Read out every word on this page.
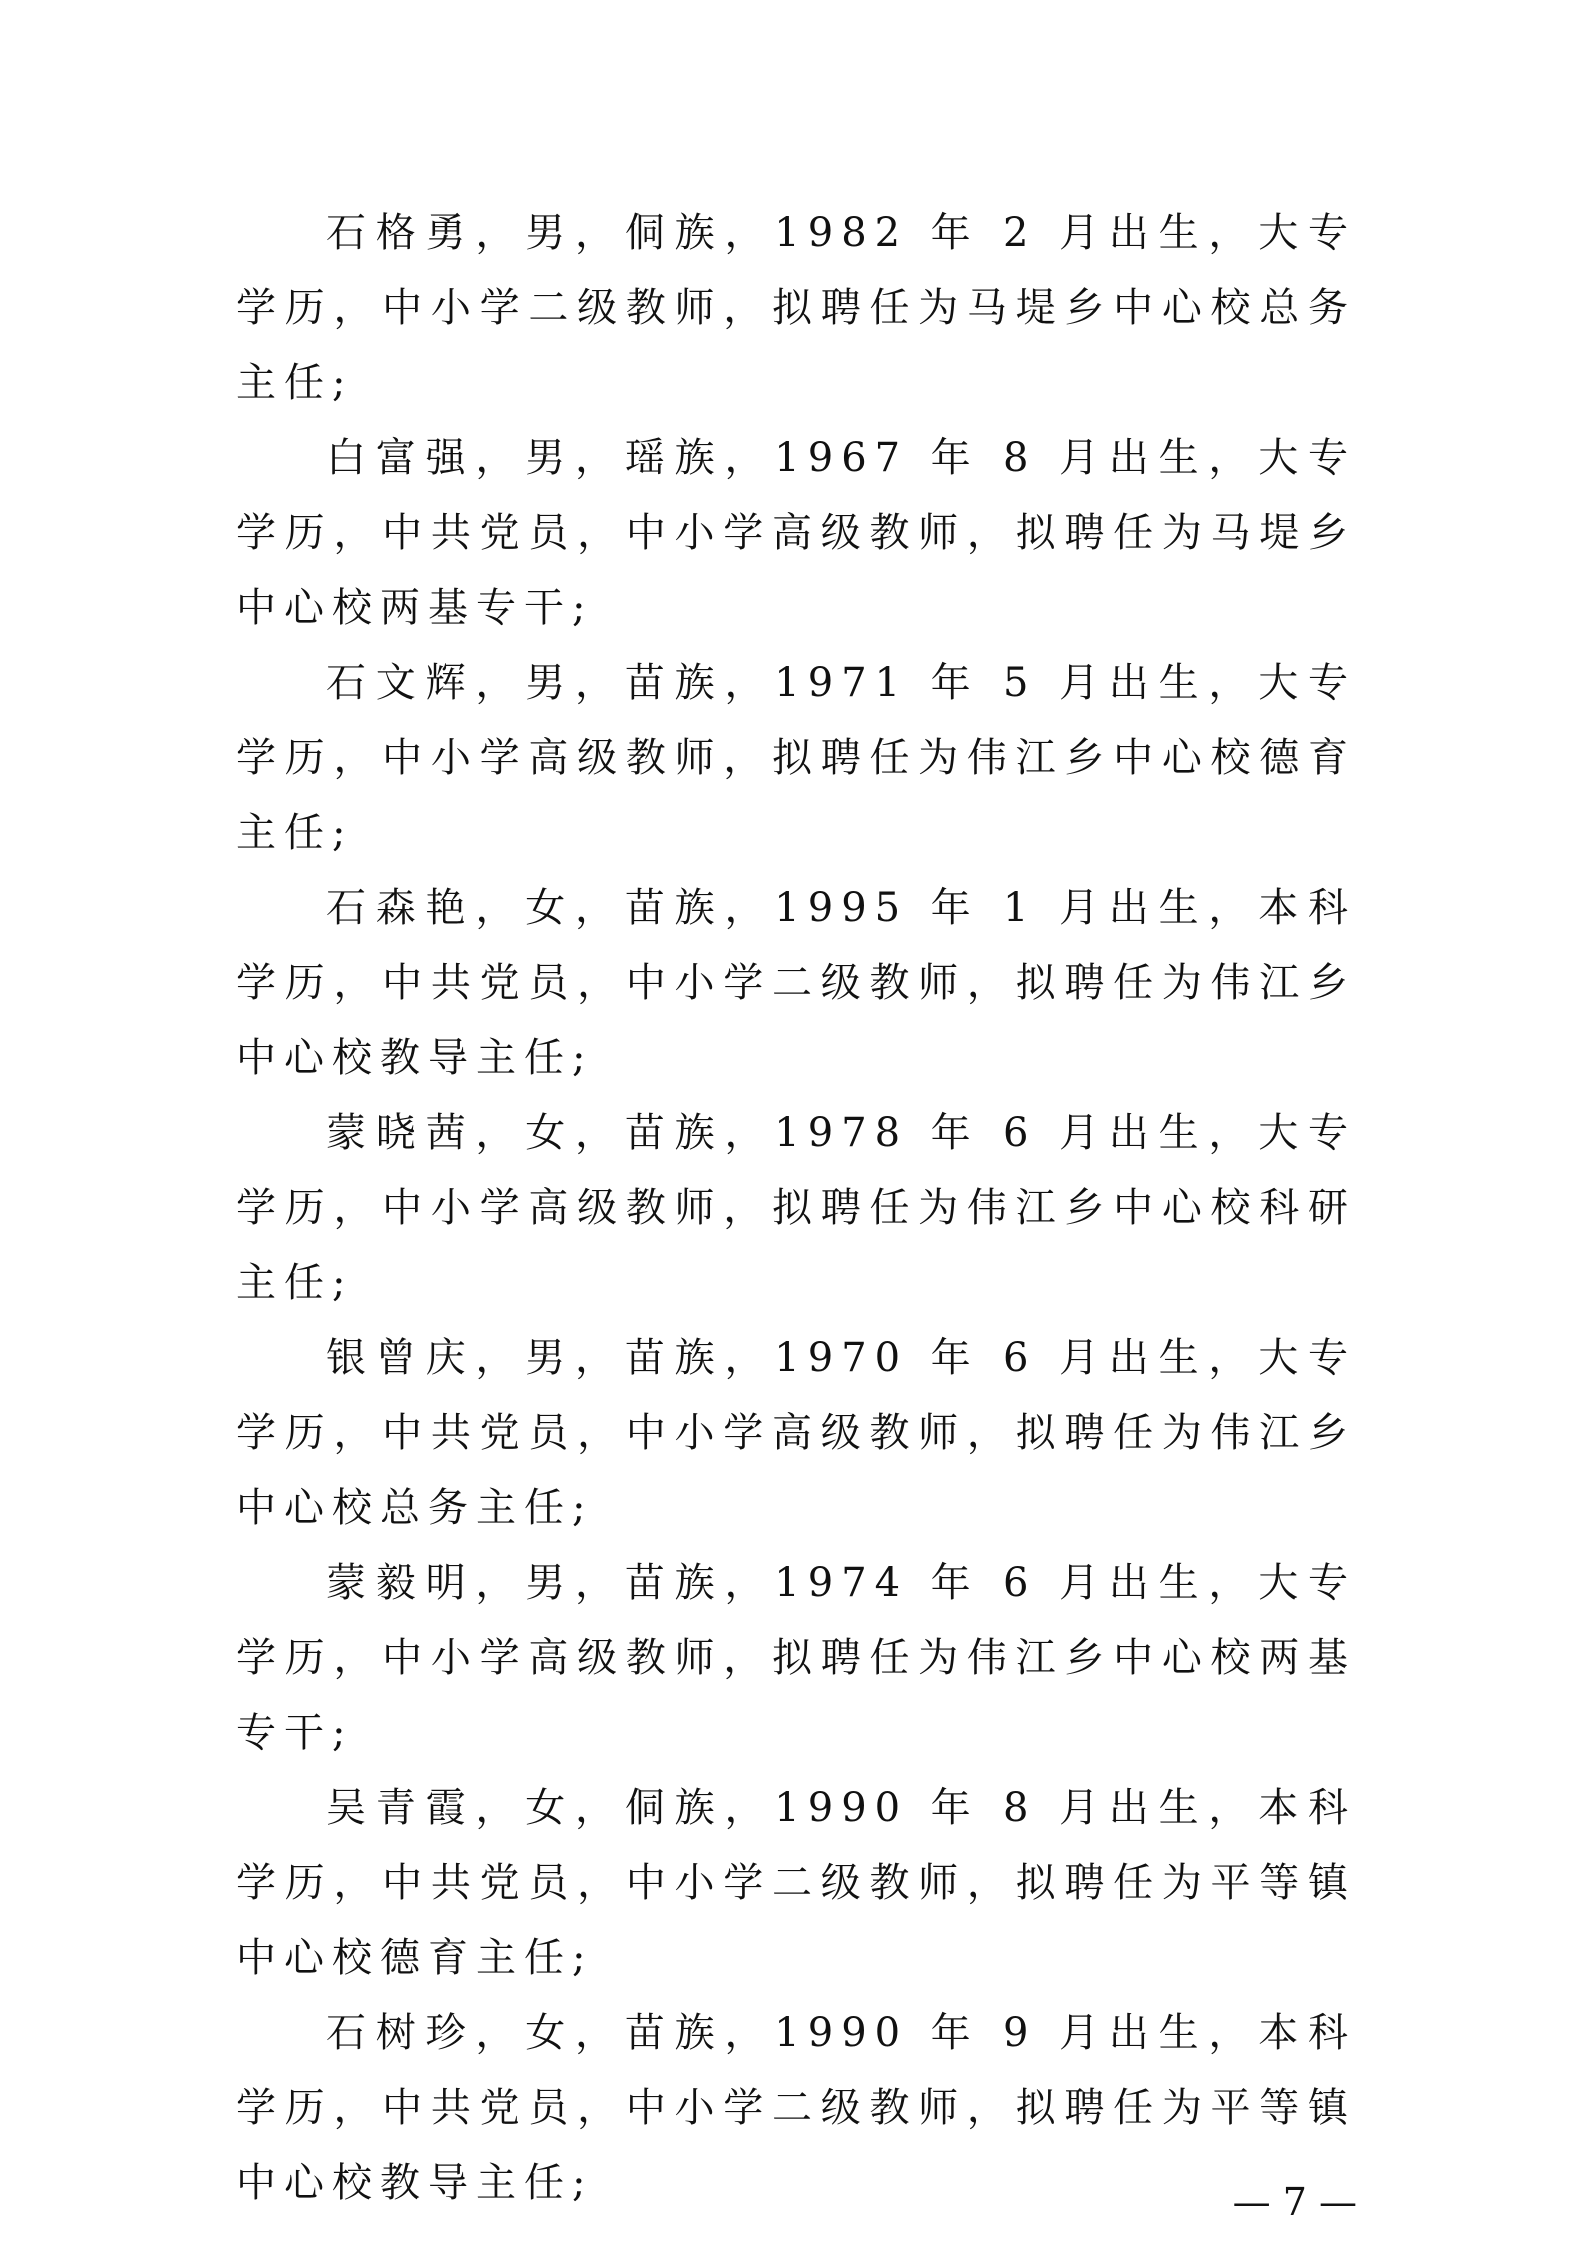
石格勇，男，侗族，1982 年 2 月出生，大专学历，中小学二级教师，拟聘任为马堤乡中心校总务主任;

白富强，男，瑶族，1967 年 8 月出生，大专学历，中共党员，中小学高级教师，拟聘任为马堤乡中心校两基专干;

石文辉，男，苗族，1971 年 5 月出生，大专学历，中小学高级教师，拟聘任为伟江乡中心校德育主任;

石森艳，女，苗族，1995 年 1 月出生，本科学历，中共党员，中小学二级教师，拟聘任为伟江乡中心校教导主任;

蒙晓茜，女，苗族，1978 年 6 月出生，大专学历，中小学高级教师，拟聘任为伟江乡中心校科研主任;

银曾庆，男，苗族，1970 年 6 月出生，大专学历，中共党员，中小学高级教师，拟聘任为伟江乡中心校总务主任;

蒙毅明，男，苗族，1974 年 6 月出生，大专学历，中小学高级教师，拟聘任为伟江乡中心校两基专干;

吴青霞，女，侗族，1990 年 8 月出生，本科学历，中共党员，中小学二级教师，拟聘任为平等镇中心校德育主任;

石树珍，女，苗族，1990 年 9 月出生，本科学历，中共党员，中小学二级教师，拟聘任为平等镇中心校教导主任;	— 7 —
